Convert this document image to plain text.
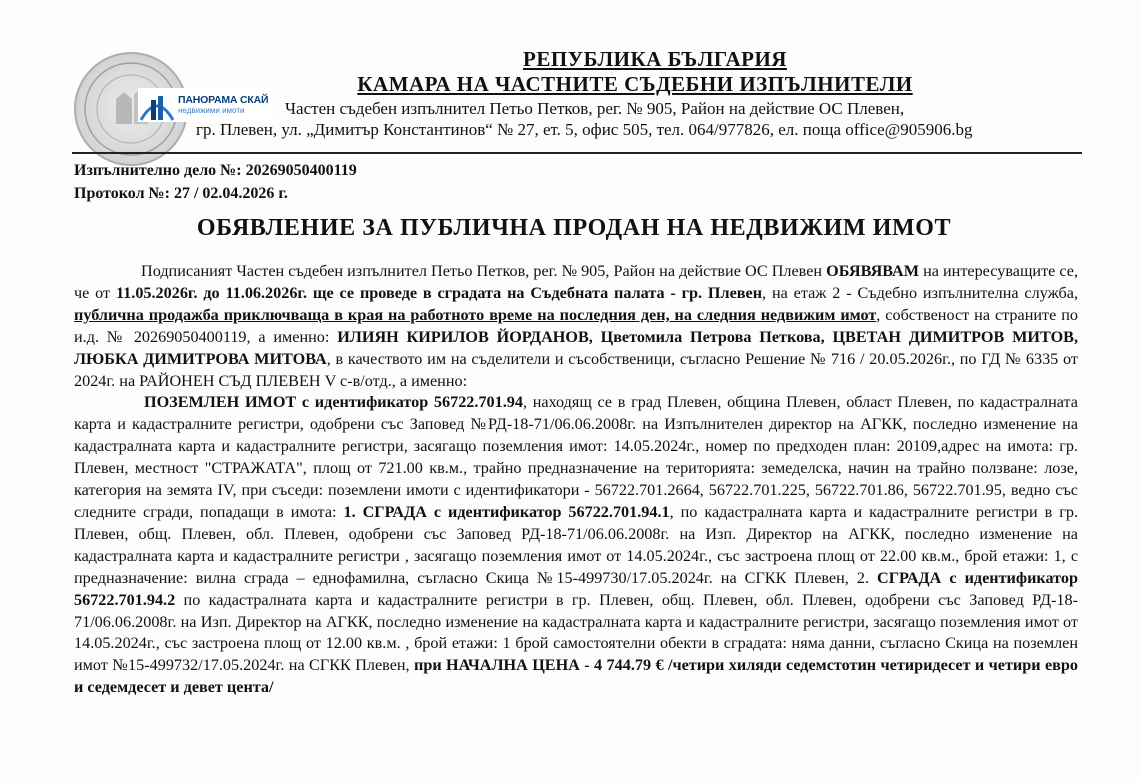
ПАНОРАМА СКАЙ
недвижими имоти
РЕПУБЛИКА БЪЛГАРИЯ
КАМАРА НА ЧАСТНИТЕ СЪДЕБНИ ИЗПЪЛНИТЕЛИ
Частен съдебен изпълнител Петьо Петков, рег. № 905, Район на действие ОС Плевен,
гр. Плевен, ул. „Димитър Константинов“ № 27, ет. 5, офис 505, тел. 064/977826, ел. поща office@905906.bg
Изпълнително дело №: 20269050400119
Протокол №: 27 / 02.04.2026 г.
ОБЯВЛЕНИЕ ЗА ПУБЛИЧНА ПРОДАН НА НЕДВИЖИМ ИМОТ

Подписаният Частен съдебен изпълнител Петьо Петков, рег. № 905, Район на действие ОС Плевен ОБЯВЯВАМ на интересуващите се, че от 11.05.2026г. до 11.06.2026г. ще се проведе в сградата на Съдебната палата - гр. Плевен, на етаж 2 - Съдебно изпълнителна служба, публична продажба приключваща в края на работното време на последния ден, на следния недвижим имот, собственост на страните по и.д. № 20269050400119, а именно: ИЛИЯН КИРИЛОВ ЙОРДАНОВ, Цветомила Петрова Петкова, ЦВЕТАН ДИМИТРОВ МИТОВ, ЛЮБКА ДИМИТРОВА МИТОВА, в качеството им на съделители и съсобственици, съгласно Решение № 716 / 20.05.2026г., по ГД № 6335 от 2024г. на РАЙОНЕН СЪД ПЛЕВЕН V с-в/отд., а именно:

ПОЗЕМЛЕН ИМОТ с идентификатор 56722.701.94, находящ се в град Плевен, община Плевен, област Плевен, по кадастралната карта и кадастралните регистри, одобрени със Заповед №РД-18-71/06.06.2008г. на Изпълнителен директор на АГКК, последно изменение на кадастралната карта и кадастралните регистри, засягащо поземления имот: 14.05.2024г., номер по предходен план: 20109,адрес на имота: гр. Плевен, местност "СТРАЖАТА", площ от 721.00 кв.м., трайно предназначение на територията: земеделска, начин на трайно ползване: лозе, категория на земята IV, при съседи: поземлени имоти с идентификатори - 56722.701.2664, 56722.701.225, 56722.701.86, 56722.701.95, ведно със следните сгради, попадащи в имота: 1. СГРАДА с идентификатор 56722.701.94.1, по кадастралната карта и кадастралните регистри в гр. Плевен, общ. Плевен, обл. Плевен, одобрени със Заповед РД-18-71/06.06.2008г. на Изп. Директор на АГКК, последно изменение на кадастралната карта и кадастралните регистри , засягащо поземления имот от 14.05.2024г., със застроена площ от 22.00 кв.м., брой етажи: 1, с предназначение: вилна сграда – еднофамилна, съгласно Скица №15-499730/17.05.2024г. на СГКК Плевен, 2. СГРАДА с идентификатор 56722.701.94.2 по кадастралната карта и кадастралните регистри в гр. Плевен, общ. Плевен, обл. Плевен, одобрени със Заповед РД-18-71/06.06.2008г. на Изп. Директор на АГКК, последно изменение на кадастралната карта и кадастралните регистри, засягащо поземления имот от 14.05.2024г., със застроена площ от 12.00 кв.м. , брой етажи: 1 брой самостоятелни обекти в сградата: няма данни, съгласно Скица на поземлен имот №15-499732/17.05.2024г. на СГКК Плевен, при НАЧАЛНА ЦЕНА - 4 744.79 € /четири хиляди седемстотин четиридесет и четири евро и седемдесет и девет цента/
